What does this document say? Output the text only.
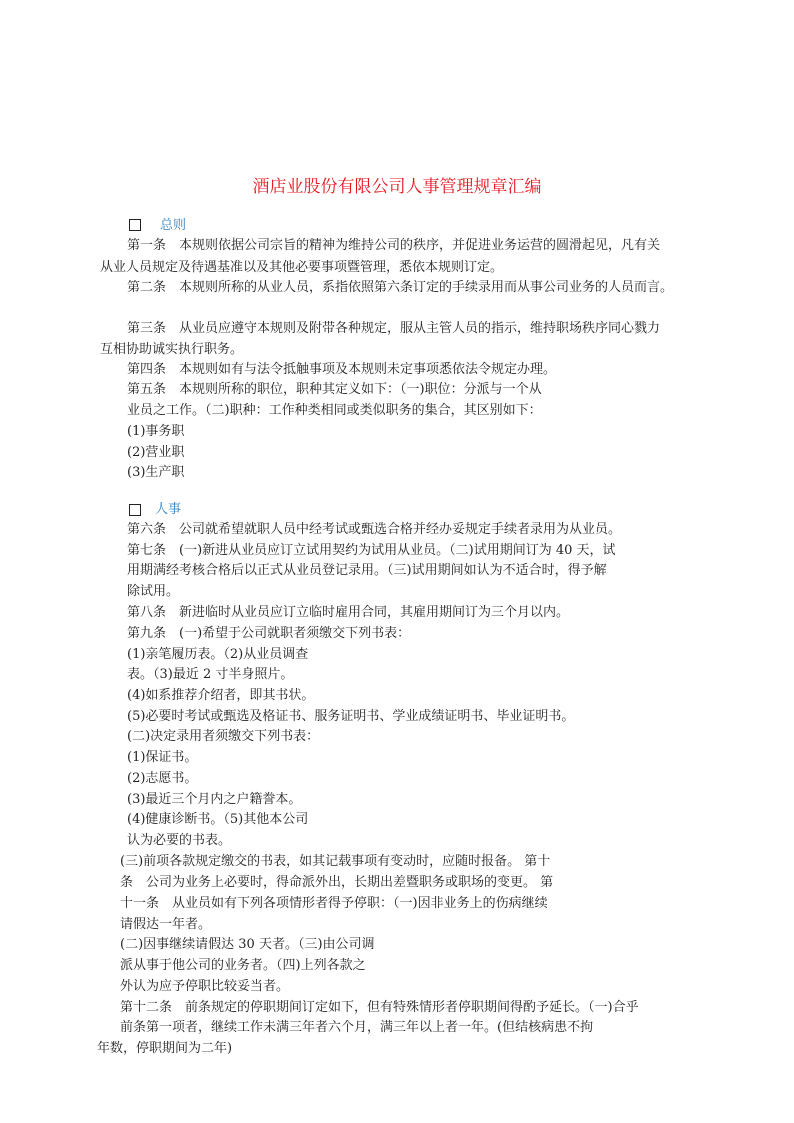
酒店业股份有限公司人事管理规章汇编
总则
第一条　本规则依据公司宗旨的精神为维持公司的秩序，并促进业务运营的圆滑起见，凡有关
从业人员规定及待遇基准以及其他必要事项暨管理，悉依本规则订定。
第二条　本规则所称的从业人员，系指依照第六条订定的手续录用而从事公司业务的人员而言。
第三条　从业员应遵守本规则及附带各种规定，服从主管人员的指示，维持职场秩序同心戮力
互相协助诚实执行职务。
第四条　本规则如有与法令抵触事项及本规则未定事项悉依法令规定办理。
第五条　本规则所称的职位，职种其定义如下：（一)职位：分派与一个从
业员之工作。（二)职种：工作种类相同或类似职务的集合，其区别如下：
(1)事务职
(2)营业职
(3)生产职
人事
第六条　公司就希望就职人员中经考试或甄选合格并经办妥规定手续者录用为从业员。
第七条　(一)新进从业员应订立试用契约为试用从业员。（二)试用期间订为 40 天，试
用期满经考核合格后以正式从业员登记录用。（三)试用期间如认为不适合时，得予解
除试用。
第八条　新进临时从业员应订立临时雇用合同，其雇用期间订为三个月以内。
第九条　(一)希望于公司就职者须缴交下列书表：
(1)亲笔履历表。（2)从业员调查
表。（3)最近 2 寸半身照片。
(4)如系推荐介绍者，即其书状。
(5)必要时考试或甄选及格证书、服务证明书、学业成绩证明书、毕业证明书。
(二)决定录用者须缴交下列书表：
(1)保证书。
(2)志愿书。
(3)最近三个月内之户籍誊本。
(4)健康诊断书。（5)其他本公司
认为必要的书表。
(三)前项各款规定缴交的书表，如其记载事项有变动时，应随时报备。 第十
条　公司为业务上必要时，得命派外出，长期出差暨职务或职场的变更。 第
十一条　从业员如有下列各项情形者得予停职：（一)因非业务上的伤病继续
请假达一年者。
(二)因事继续请假达 30 天者。（三)由公司调
派从事于他公司的业务者。（四)上列各款之
外认为应予停职比较妥当者。
第十二条　前条规定的停职期间订定如下，但有特殊情形者停职期间得酌予延长。（一)合乎
前条第一项者，继续工作未满三年者六个月，满三年以上者一年。(但结核病患不拘
年数，停职期间为二年)
